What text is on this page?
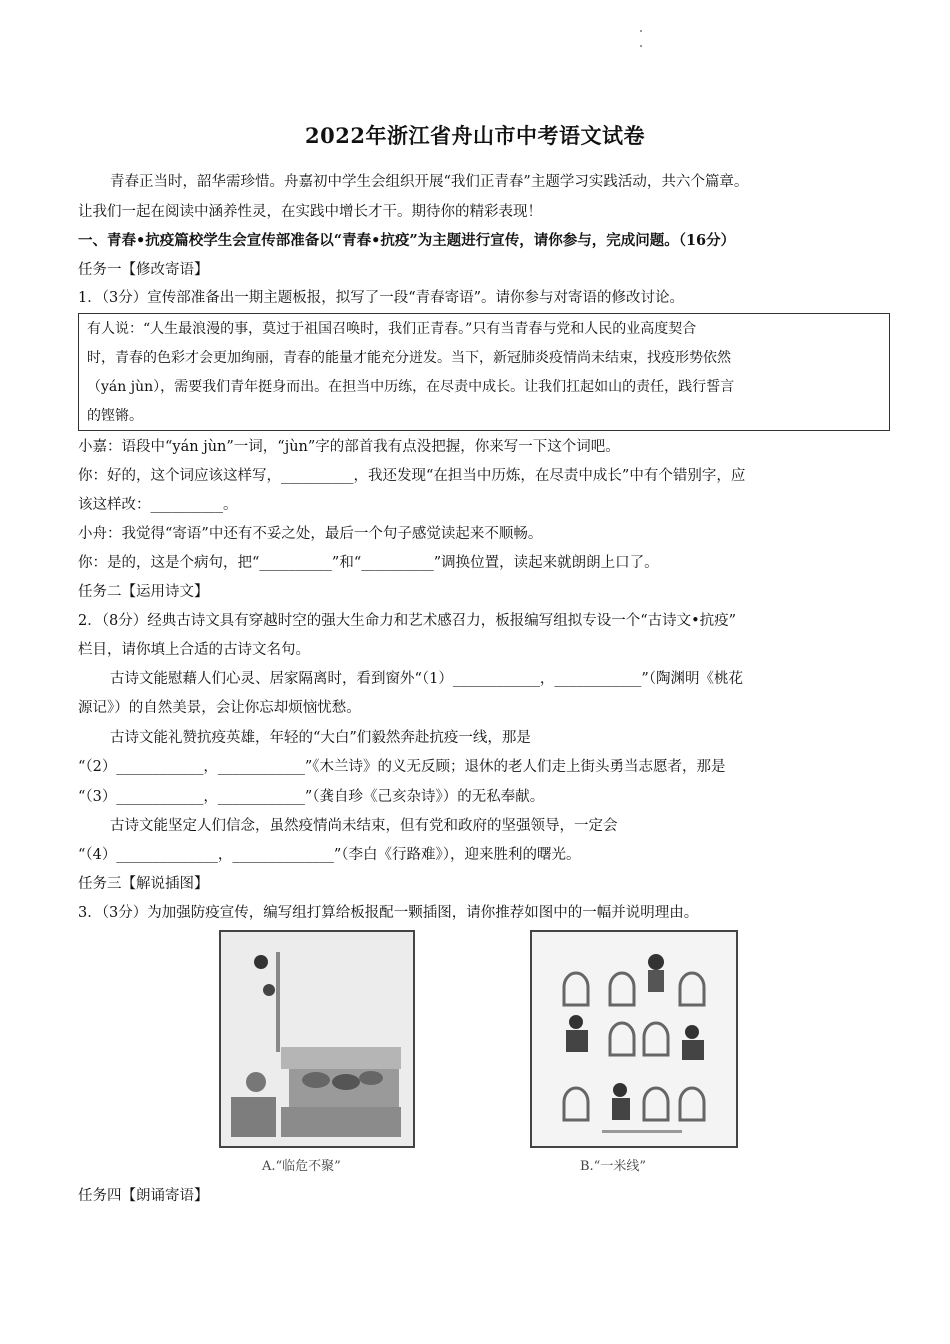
2022年浙江省舟山市中考语文试卷
青春正当时，韶华需珍惜。舟嘉初中学生会组织开展“我们正青春”主题学习实践活动，共六个篇章。
让我们一起在阅读中涵养性灵，在实践中增长才干。期待你的精彩表现！
一、青春•抗疫篇校学生会宣传部准备以“青春•抗疫”为主题进行宣传，请你参与，完成问题。（16分）
任务一【修改寄语】
1．（3分）宣传部准备出一期主题板报，拟写了一段“青春寄语”。请你参与对寄语的修改讨论。
有人说：“人生最浪漫的事，莫过于祖国召唤时，我们正青春。”只有当青春与党和人民的业高度契合
时，青春的色彩才会更加绚丽，青春的能量才能充分迸发。当下，新冠肺炎疫情尚未结束，找疫形势依然
（yán jùn），需要我们青年挺身而出。在担当中历练，在尽责中成长。让我们扛起如山的责任，践行誓言
的铿锵。
小嘉：语段中“yán jùn”一词，“jùn”字的部首我有点没把握，你来写一下这个词吧。
你：好的，这个词应该这样写，__________，我还发现“在担当中历炼，在尽责中成长”中有个错别字，应
该这样改：__________。
小舟：我觉得“寄语”中还有不妥之处，最后一个句子感觉读起来不顺畅。
你：是的，这是个病句，把“__________”和“__________”调换位置，读起来就朗朗上口了。
任务二【运用诗文】
2．（8分）经典古诗文具有穿越时空的强大生命力和艺术感召力，板报编写组拟专设一个“古诗文•抗疫”
栏目，请你填上合适的古诗文名句。
古诗文能慰藉人们心灵、居家隔离时，看到窗外“（1）____________，____________”（陶渊明《桃花
源记》）的自然美景，会让你忘却烦恼忧愁。
古诗文能礼赞抗疫英雄，年轻的“大白”们毅然奔赴抗疫一线，那是
“（2）____________，____________”《木兰诗》的义无反顾；退休的老人们走上街头勇当志愿者，那是
“（3）____________，____________”（龚自珍《己亥杂诗》）的无私奉献。
古诗文能坚定人们信念，虽然疫情尚未结束，但有党和政府的坚强领导，一定会
“（4）______________，______________”（李白《行路难》），迎来胜利的曙光。
任务三【解说插图】
3．（3分）为加强防疫宣传，编写组打算给板报配一颗插图，请你推荐如图中的一幅并说明理由。
A.“临危不聚”	B.“一米线”
任务四【朗诵寄语】
